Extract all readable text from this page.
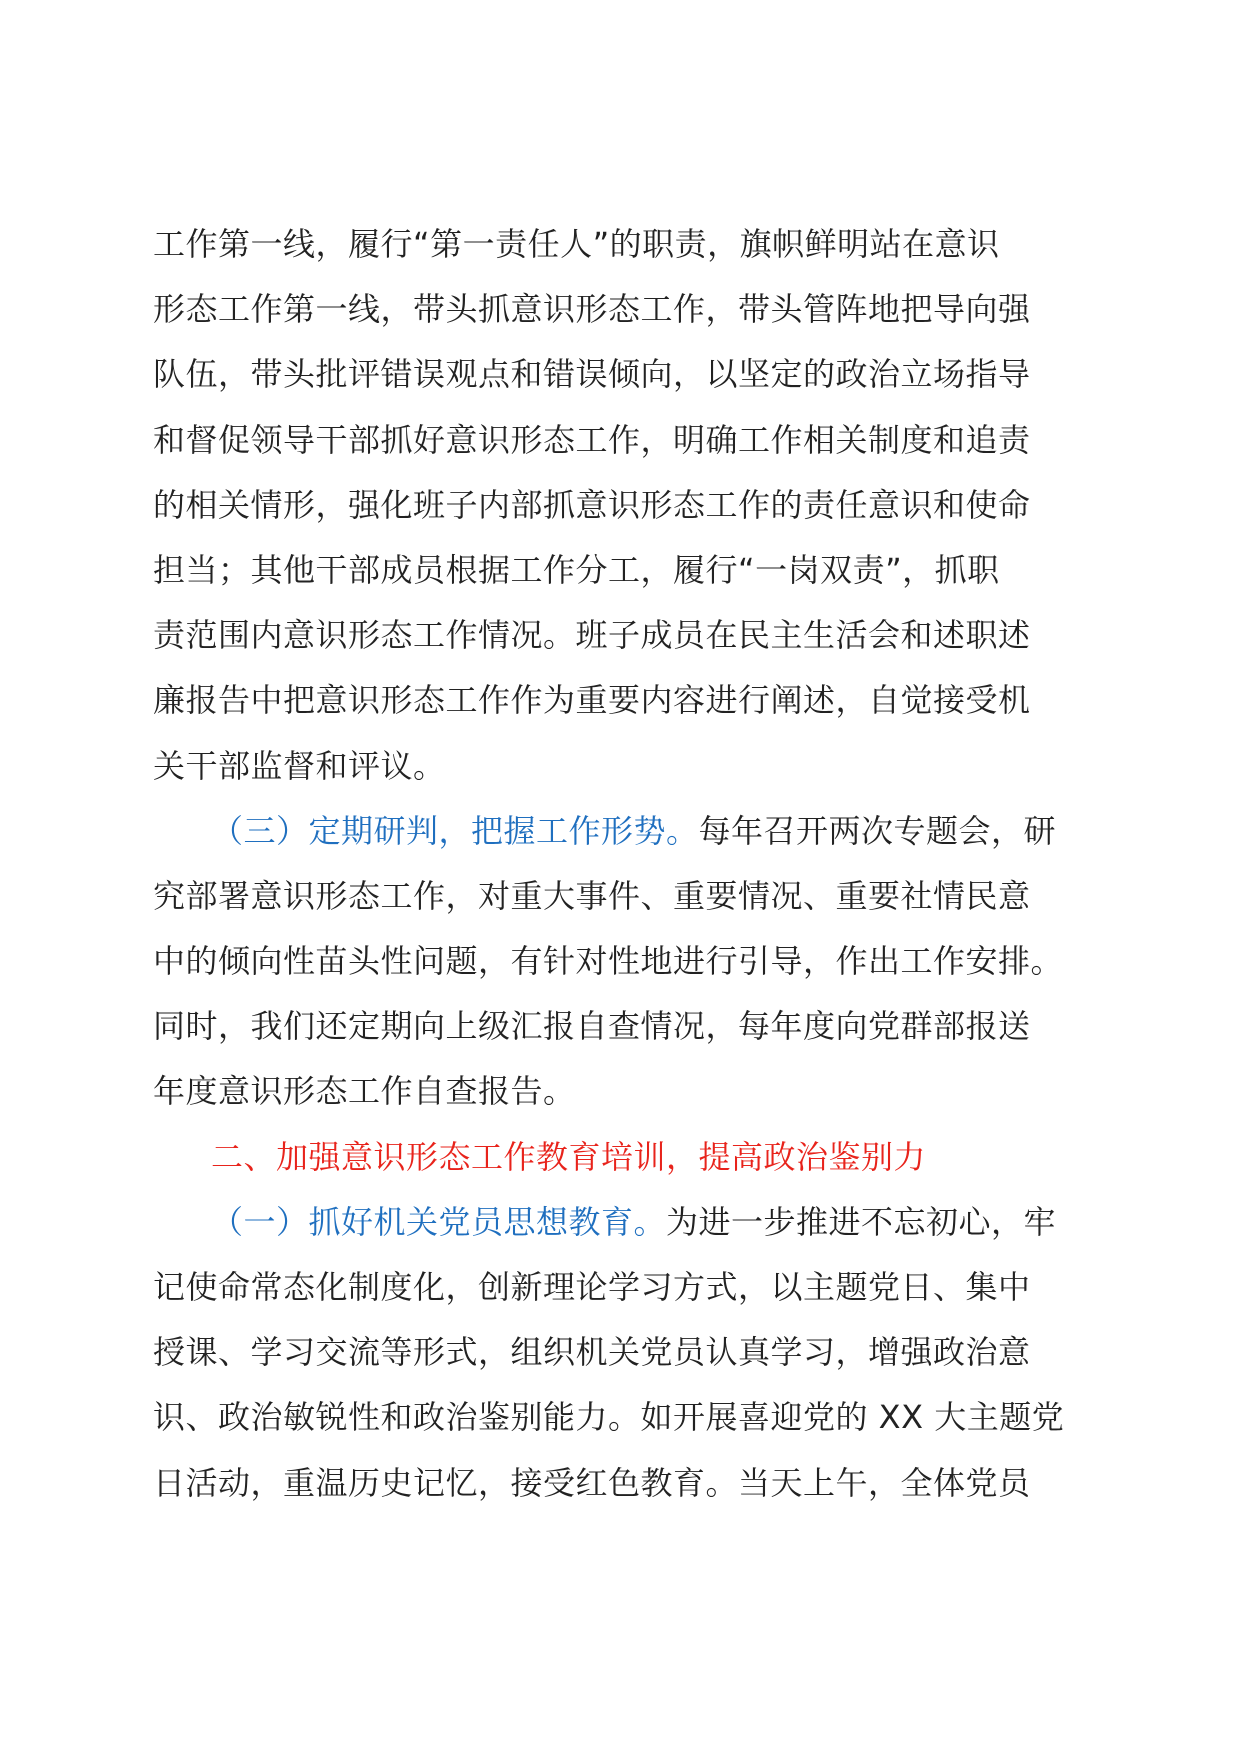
工作第一线，履行“第一责任人”的职责，旗帜鲜明站在意识
形态工作第一线，带头抓意识形态工作，带头管阵地把导向强
队伍，带头批评错误观点和错误倾向，以坚定的政治立场指导
和督促领导干部抓好意识形态工作，明确工作相关制度和追责
的相关情形，强化班子内部抓意识形态工作的责任意识和使命
担当；其他干部成员根据工作分工，履行“一岗双责”，抓职
责范围内意识形态工作情况。班子成员在民主生活会和述职述
廉报告中把意识形态工作作为重要内容进行阐述，自觉接受机
关干部监督和评议。
（三）定期研判，把握工作形势。每年召开两次专题会，研
究部署意识形态工作，对重大事件、重要情况、重要社情民意
中的倾向性苗头性问题，有针对性地进行引导，作出工作安排。
同时，我们还定期向上级汇报自查情况，每年度向党群部报送
年度意识形态工作自查报告。
二、加强意识形态工作教育培训，提高政治鉴别力
（一）抓好机关党员思想教育。为进一步推进不忘初心，牢
记使命常态化制度化，创新理论学习方式，以主题党日、集中
授课、学习交流等形式，组织机关党员认真学习，增强政治意
识、政治敏锐性和政治鉴别能力。如开展喜迎党的 XX 大主题党
日活动，重温历史记忆，接受红色教育。当天上午，全体党员
